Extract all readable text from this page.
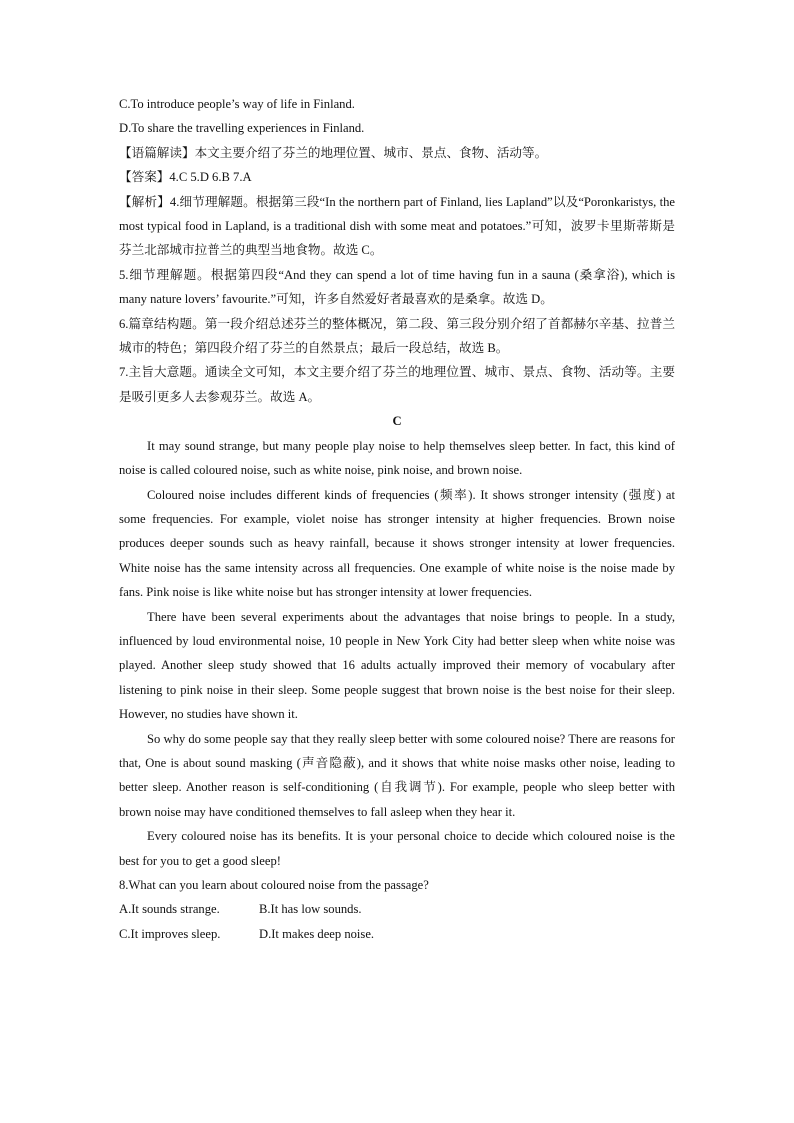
C.To introduce people’s way of life in Finland.

D.To share the travelling experiences in Finland.

【语篇解读】本文主要介绍了芬兰的地理位置、城市、景点、食物、活动等。

【答案】4.C 5.D 6.B 7.A

【解析】4.细节理解题。根据第三段“In the northern part of Finland, lies Lapland”以及“Poronkaristys, the most typical food in Lapland, is a traditional dish with some meat and potatoes.”可知，波罗卡里斯蒂斯是芬兰北部城市拉普兰的典型当地食物。故选 C。

5.细节理解题。根据第四段“And they can spend a lot of time having fun in a sauna (桑拿浴), which is many nature lovers’ favourite.”可知，许多自然爱好者最喜欢的是桑拿。故选 D。

6.篇章结构题。第一段介绍总述芬兰的整体概况，第二段、第三段分别介绍了首都赫尔辛基、拉普兰城市的特色；第四段介绍了芬兰的自然景点；最后一段总结，故选 B。

7.主旨大意题。通读全文可知，本文主要介绍了芬兰的地理位置、城市、景点、食物、活动等。主要是吸引更多人去参观芬兰。故选 A。

C

It may sound strange, but many people play noise to help themselves sleep better. In fact, this kind of noise is called coloured noise, such as white noise, pink noise, and brown noise.

Coloured noise includes different kinds of frequencies (频率). It shows stronger intensity (强度) at some frequencies. For example, violet noise has stronger intensity at higher frequencies. Brown noise produces deeper sounds such as heavy rainfall, because it shows stronger intensity at lower frequencies. White noise has the same intensity across all frequencies. One example of white noise is the noise made by fans. Pink noise is like white noise but has stronger intensity at lower frequencies.

There have been several experiments about the advantages that noise brings to people. In a study, influenced by loud environmental noise, 10 people in New York City had better sleep when white noise was played. Another sleep study showed that 16 adults actually improved their memory of vocabulary after listening to pink noise in their sleep. Some people suggest that brown noise is the best noise for their sleep. However, no studies have shown it.

So why do some people say that they really sleep better with some coloured noise? There are reasons for that, One is about sound masking (声音隐蔽), and it shows that white noise masks other noise, leading to better sleep. Another reason is self-conditioning (自我调节). For example, people who sleep better with brown noise may have conditioned themselves to fall asleep when they hear it.

Every coloured noise has its benefits. It is your personal choice to decide which coloured noise is the best for you to get a good sleep!

8.What can you learn about coloured noise from the passage?

A.It sounds strange.	B.It has low sounds.

C.It improves sleep.	D.It makes deep noise.
